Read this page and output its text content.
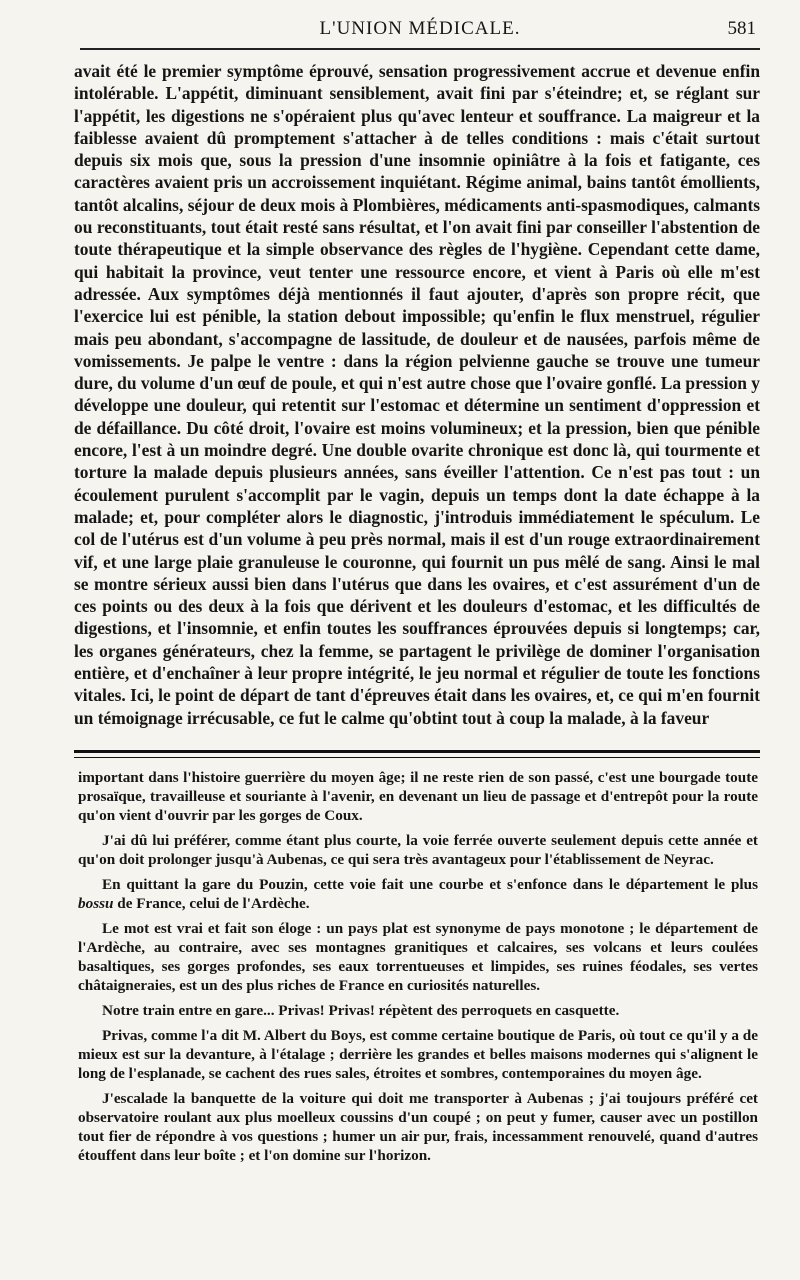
L'UNION MÉDICALE.	581

avait été le premier symptôme éprouvé, sensation progressivement accrue et devenue enfin intolérable. L'appétit, diminuant sensiblement, avait fini par s'éteindre; et, se réglant sur l'appétit, les digestions ne s'opéraient plus qu'avec lenteur et souffrance. La maigreur et la faiblesse avaient dû promptement s'attacher à de telles conditions : mais c'était surtout depuis six mois que, sous la pression d'une insomnie opiniâtre à la fois et fatigante, ces caractères avaient pris un accroissement inquiétant. Régime animal, bains tantôt émollients, tantôt alcalins, séjour de deux mois à Plombières, médicaments anti-spasmodiques, calmants ou reconstituants, tout était resté sans résultat, et l'on avait fini par conseiller l'abstention de toute thérapeutique et la simple observance des règles de l'hygiène. Cependant cette dame, qui habitait la province, veut tenter une ressource encore, et vient à Paris où elle m'est adressée. Aux symptômes déjà mentionnés il faut ajouter, d'après son propre récit, que l'exercice lui est pénible, la station debout impossible; qu'enfin le flux menstruel, régulier mais peu abondant, s'accompagne de lassitude, de douleur et de nausées, parfois même de vomissements. Je palpe le ventre : dans la région pelvienne gauche se trouve une tumeur dure, du volume d'un œuf de poule, et qui n'est autre chose que l'ovaire gonflé. La pression y développe une douleur, qui retentit sur l'estomac et détermine un sentiment d'oppression et de défaillance. Du côté droit, l'ovaire est moins volumineux; et la pression, bien que pénible encore, l'est à un moindre degré. Une double ovarite chronique est donc là, qui tourmente et torture la malade depuis plusieurs années, sans éveiller l'attention. Ce n'est pas tout : un écoulement purulent s'accomplit par le vagin, depuis un temps dont la date échappe à la malade; et, pour compléter alors le diagnostic, j'introduis immédiatement le spéculum. Le col de l'utérus est d'un volume à peu près normal, mais il est d'un rouge extraordinairement vif, et une large plaie granuleuse le couronne, qui fournit un pus mêlé de sang. Ainsi le mal se montre sérieux aussi bien dans l'utérus que dans les ovaires, et c'est assurément d'un de ces points ou des deux à la fois que dérivent et les douleurs d'estomac, et les difficultés de digestions, et l'insomnie, et enfin toutes les souffrances éprouvées depuis si longtemps; car, les organes générateurs, chez la femme, se partagent le privilège de dominer l'organisation entière, et d'enchaîner à leur propre intégrité, le jeu normal et régulier de toute les fonctions vitales. Ici, le point de départ de tant d'épreuves était dans les ovaires, et, ce qui m'en fournit un témoignage irrécusable, ce fut le calme qu'obtint tout à coup la malade, à la faveur

important dans l'histoire guerrière du moyen âge; il ne reste rien de son passé, c'est une bourgade toute prosaïque, travailleuse et souriante à l'avenir, en devenant un lieu de passage et d'entrepôt pour la route qu'on vient d'ouvrir par les gorges de Coux.

J'ai dû lui préférer, comme étant plus courte, la voie ferrée ouverte seulement depuis cette année et qu'on doit prolonger jusqu'à Aubenas, ce qui sera très avantageux pour l'établissement de Neyrac.

En quittant la gare du Pouzin, cette voie fait une courbe et s'enfonce dans le département le plus bossu de France, celui de l'Ardèche.

Le mot est vrai et fait son éloge : un pays plat est synonyme de pays monotone ; le département de l'Ardèche, au contraire, avec ses montagnes granitiques et calcaires, ses volcans et leurs coulées basaltiques, ses gorges profondes, ses eaux torrentueuses et limpides, ses ruines féodales, ses vertes châtaigneraies, est un des plus riches de France en curiosités naturelles.

Notre train entre en gare... Privas! Privas! répètent des perroquets en casquette.

Privas, comme l'a dit M. Albert du Boys, est comme certaine boutique de Paris, où tout ce qu'il y a de mieux est sur la devanture, à l'étalage ; derrière les grandes et belles maisons modernes qui s'alignent le long de l'esplanade, se cachent des rues sales, étroites et sombres, contemporaines du moyen âge.

J'escalade la banquette de la voiture qui doit me transporter à Aubenas ; j'ai toujours préféré cet observatoire roulant aux plus moelleux coussins d'un coupé ; on peut y fumer, causer avec un postillon tout fier de répondre à vos questions ; humer un air pur, frais, incessamment renouvelé, quand d'autres étouffent dans leur boîte ; et l'on domine sur l'horizon.
